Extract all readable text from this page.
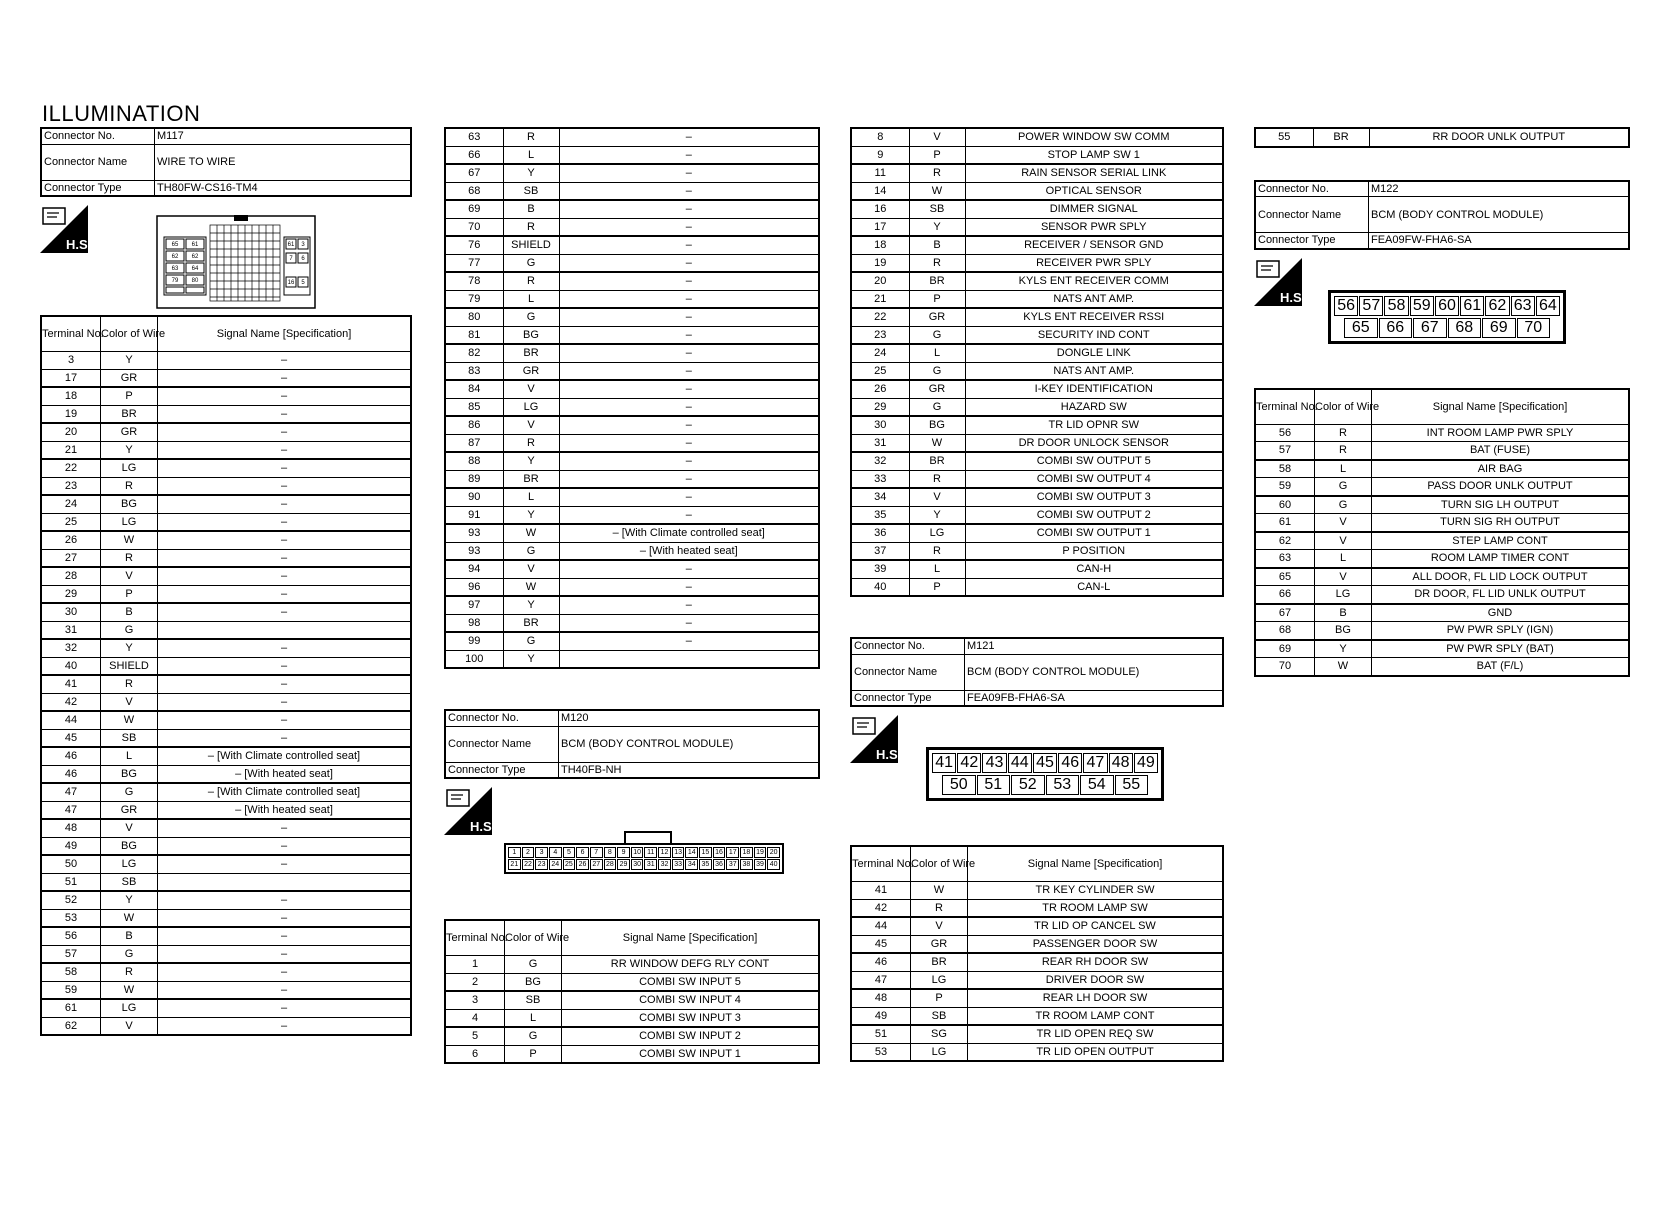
ILLUMINATION
Connector No.	M117
Connector Name	WIRE TO WIRE
Connector Type	TH80FW-CS16-TM4
H.S.	65 61
62 62
63 64
79 80
61 3
7 6
16 5
Terminal No.	Color of Wire	Signal Name [Specification]
3	Y	–
17	GR	–
18	P	–
19	BR	–
20	GR	–
21	Y	–
22	LG	–
23	R	–
24	BG	–
25	LG	–
26	W	–
27	R	–
28	V	–
29	P	–
30	B	–
31	G	
32	Y	–
40	SHIELD	–
41	R	–
42	V	–
44	W	–
45	SB	–
46	L	– [With Climate controlled seat]
46	BG	– [With heated seat]
47	G	– [With Climate controlled seat]
47	GR	– [With heated seat]
48	V	–
49	BG	–
50	LG	–
51	SB	
52	Y	–
53	W	–
56	B	–
57	G	–
58	R	–
59	W	–
61	LG	–
62	V	–
63	R	–
66	L	–
67	Y	–
68	SB	–
69	B	–
70	R	–
76	SHIELD	–
77	G	–
78	R	–
79	L	–
80	G	–
81	BG	–
82	BR	–
83	GR	–
84	V	–
85	LG	–
86	V	–
87	R	–
88	Y	–
89	BR	–
90	L	–
91	Y	–
93	W	– [With Climate controlled seat]
93	G	– [With heated seat]
94	V	–
96	W	–
97	Y	–
98	BR	–
99	G	–
100	Y	
Connector No.	M120
Connector Name	BCM (BODY CONTROL MODULE)
Connector Type	TH40FB-NH
H.S.
1	2	3	4	5	6	7	8	9	10 11 12 13 14 15 16 17 18 19 20
21 22 23 24 25 26 27 28 29 30 31 32 33 34 35 36 37 38 39 40
Terminal No.	Color of Wire	Signal Name [Specification]
1	G	RR WINDOW DEFG RLY CONT
2	BG	COMBI SW INPUT 5
3	SB	COMBI SW INPUT 4
4	L	COMBI SW INPUT 3
5	G	COMBI SW INPUT 2
6	P	COMBI SW INPUT 1
8	V	POWER WINDOW SW COMM
9	P	STOP LAMP SW 1
11	R	RAIN SENSOR SERIAL LINK
14	W	OPTICAL SENSOR
16	SB	DIMMER SIGNAL
17	Y	SENSOR PWR SPLY
18	B	RECEIVER / SENSOR GND
19	R	RECEIVER PWR SPLY
20	BR	KYLS ENT RECEIVER COMM
21	P	NATS ANT AMP.
22	GR	KYLS ENT RECEIVER RSSI
23	G	SECURITY IND CONT
24	L	DONGLE LINK
25	G	NATS ANT AMP.
26	GR	I-KEY IDENTIFICATION
29	G	HAZARD SW
30	BG	TR LID OPNR SW
31	W	DR DOOR UNLOCK SENSOR
32	BR	COMBI SW OUTPUT 5
33	R	COMBI SW OUTPUT 4
34	V	COMBI SW OUTPUT 3
35	Y	COMBI SW OUTPUT 2
36	LG	COMBI SW OUTPUT 1
37	R	P POSITION
39	L	CAN-H
40	P	CAN-L
Connector No.	M121
Connector Name	BCM (BODY CONTROL MODULE)
Connector Type	FEA09FB-FHA6-SA
H.S. 41 42 43 44 45 46 47 48 49
50	51	52	53	54	55
Terminal No.	Color of Wire	Signal Name [Specification]
41	W	TR KEY CYLINDER SW
42	R	TR ROOM LAMP SW
44	V	TR LID OP CANCEL SW
45	GR	PASSENGER DOOR SW
46	BR	REAR RH DOOR SW
47	LG	DRIVER DOOR SW
48	P	REAR LH DOOR SW
49	SB	TR ROOM LAMP CONT
51	SG	TR LID OPEN REQ SW
53	LG	TR LID OPEN OUTPUT
55	BR	RR DOOR UNLK OUTPUT
Connector No.	M122
Connector Name	BCM (BODY CONTROL MODULE)
Connector Type	FEA09FW-FHA6-SA
H.S. 56 57 58 59 60 61 62 63 64
65	66	67	68	69	70
Terminal No.	Color of Wire	Signal Name [Specification]
56	R	INT ROOM LAMP PWR SPLY
57	R	BAT (FUSE)
58	L	AIR BAG
59	G	PASS DOOR UNLK OUTPUT
60	G	TURN SIG LH OUTPUT
61	V	TURN SIG RH OUTPUT
62	V	STEP LAMP CONT
63	L	ROOM LAMP TIMER CONT
65	V	ALL DOOR, FL LID LOCK OUTPUT
66	LG	DR DOOR, FL LID UNLK OUTPUT
67	B	GND
68	BG	PW PWR SPLY (IGN)
69	Y	PW PWR SPLY (BAT)
70	W	BAT (F/L)
